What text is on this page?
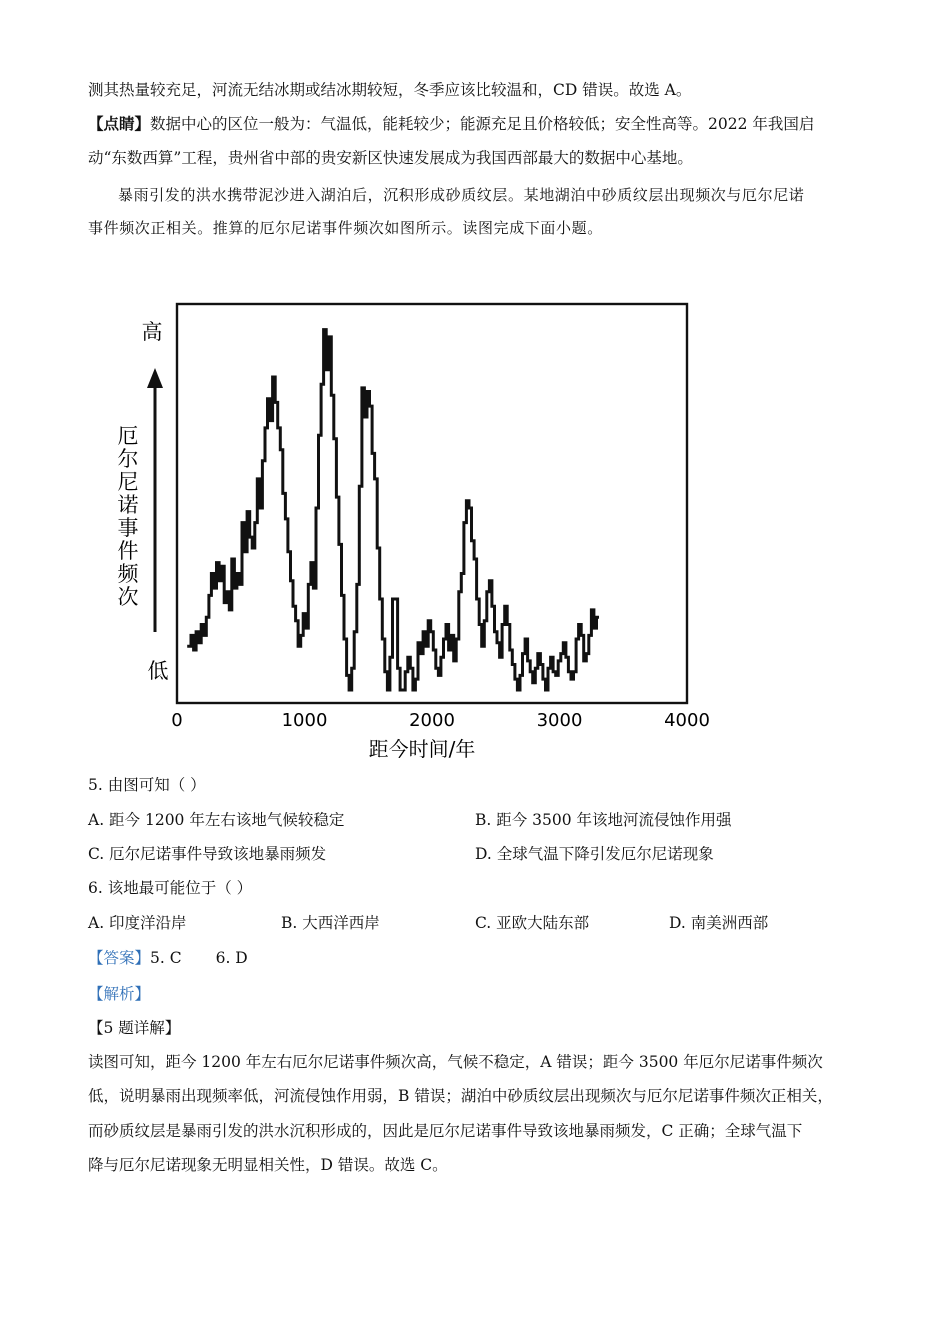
测其热量较充足，河流无结冰期或结冰期较短，冬季应该比较温和，CD 错误。故选 A。
【点睛】数据中心的区位一般为：气温低，能耗较少；能源充足且价格较低；安全性高等。2022 年我国启
动“东数西算”工程，贵州省中部的贵安新区快速发展成为我国西部最大的数据中心基地。
暴雨引发的洪水携带泥沙进入湖泊后，沉积形成砂质纹层。某地湖泊中砂质纹层出现频次与厄尔尼诺
事件频次正相关。推算的厄尔尼诺事件频次如图所示。读图完成下面小题。
高
低
厄
尔
尼
诺
事
件
频
次
0	1000	2000	3000	4000
距今时间/年
5. 由图可知（ ）
A. 距今 1200 年左右该地气候较稳定	B. 距今 3500 年该地河流侵蚀作用强
C. 厄尔尼诺事件导致该地暴雨频发	D. 全球气温下降引发厄尔尼诺现象
6. 该地最可能位于（ ）
A. 印度洋沿岸	B. 大西洋西岸	C. 亚欧大陆东部	D. 南美洲西部
【答案】5. C 6. D
【解析】
【5 题详解】
读图可知，距今 1200 年左右厄尔尼诺事件频次高，气候不稳定，A 错误；距今 3500 年厄尔尼诺事件频次
低，说明暴雨出现频率低，河流侵蚀作用弱，B 错误；湖泊中砂质纹层出现频次与厄尔尼诺事件频次正相关，
而砂质纹层是暴雨引发的洪水沉积形成的，因此是厄尔尼诺事件导致该地暴雨频发，C 正确；全球气温下
降与厄尔尼诺现象无明显相关性，D 错误。故选 C。
